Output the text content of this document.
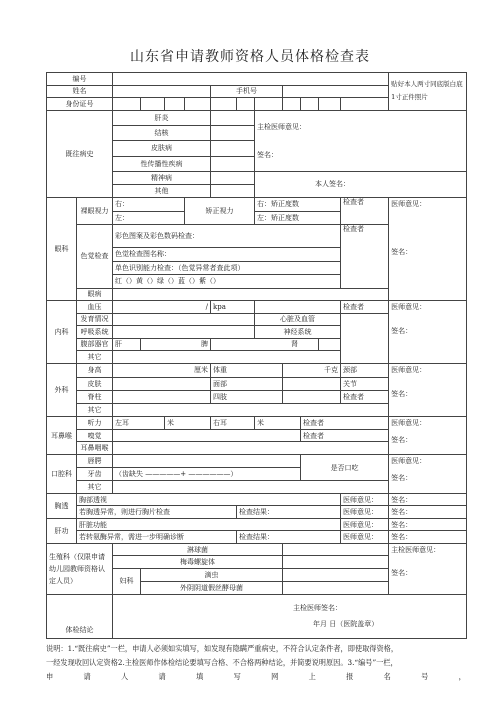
山东省申请教师资格人员体格检查表
编号													贴好本人两寸同底版白底1寸正件照片
姓名						手机号							
身份证号													
既往病史		肝炎						主检医师意见：
签名：					
		结核											
		皮肤病											
		性传播性疾病											
		精神病						本人签名：					
		其他											
眼科	裸眼视力	右：			矫正视力			右：矫正度数				检查者	医师意见：
签名：
		左：						左：矫正度数					
	色觉检查	彩色图案及彩色数码检查：										检查者	
		色觉检查图名称：											
		单色识别能力检查：（色觉异常者查此项）											
		红（）黄（）绿（）蓝（）紫（）											
	眼病												
内科	血压	/				kpa						检查者	医师意见：
签名：
	发育情况							心脏及血管					
	呼吸系统							神经系统					
	腹部器官	肝	脾			肾							
	其它												
外科	身高	厘米				体重			千克			颈部	医师意见：
签名：
	皮肤					面部						关节	
	脊柱					四肢						检查者	
	其它												
耳鼻喉	听力	左耳		米		右耳		米		检查者			医师意见：
签名：
	嗅觉									检查者			
	耳鼻咽喉												
口腔科	唇腭									是否口吃			医师意见：
签名：
	牙齿	（齿缺失 —————+ ——————）											
	其它												
胸透	胸部透视											医师意见：	签名：
	若胸透异常，则进行胸片检查						检查结果：					医师意见：	签名：
肝功	肝脏功能											医师意见：	签名：
	若转氨酶异常，需进一步明确诊断						检查结果：					医师意见：	签名：
生殖科（仅限申请幼儿园教师资格认定人员）		淋球菌											主检医师意见：
签名：
		梅毒螺旋体											
		妇科	滴虫										
			外阴阴道假丝酵母菌										
体检结论		主检医师签名：
年月 日（医院盖章）											
说明：1.“既往病史”一栏，申请人必须如实填写，如发现有隐瞒严重病史，不符合认定条件者，即使取得资格，
一经发现收回认定资格2.主检医师作体检结论要填写合格、不合格两种结论，并简要说明原因。3.“编号”一栏，
申	请	人	请	填	写	网	上	报	名	号	，
